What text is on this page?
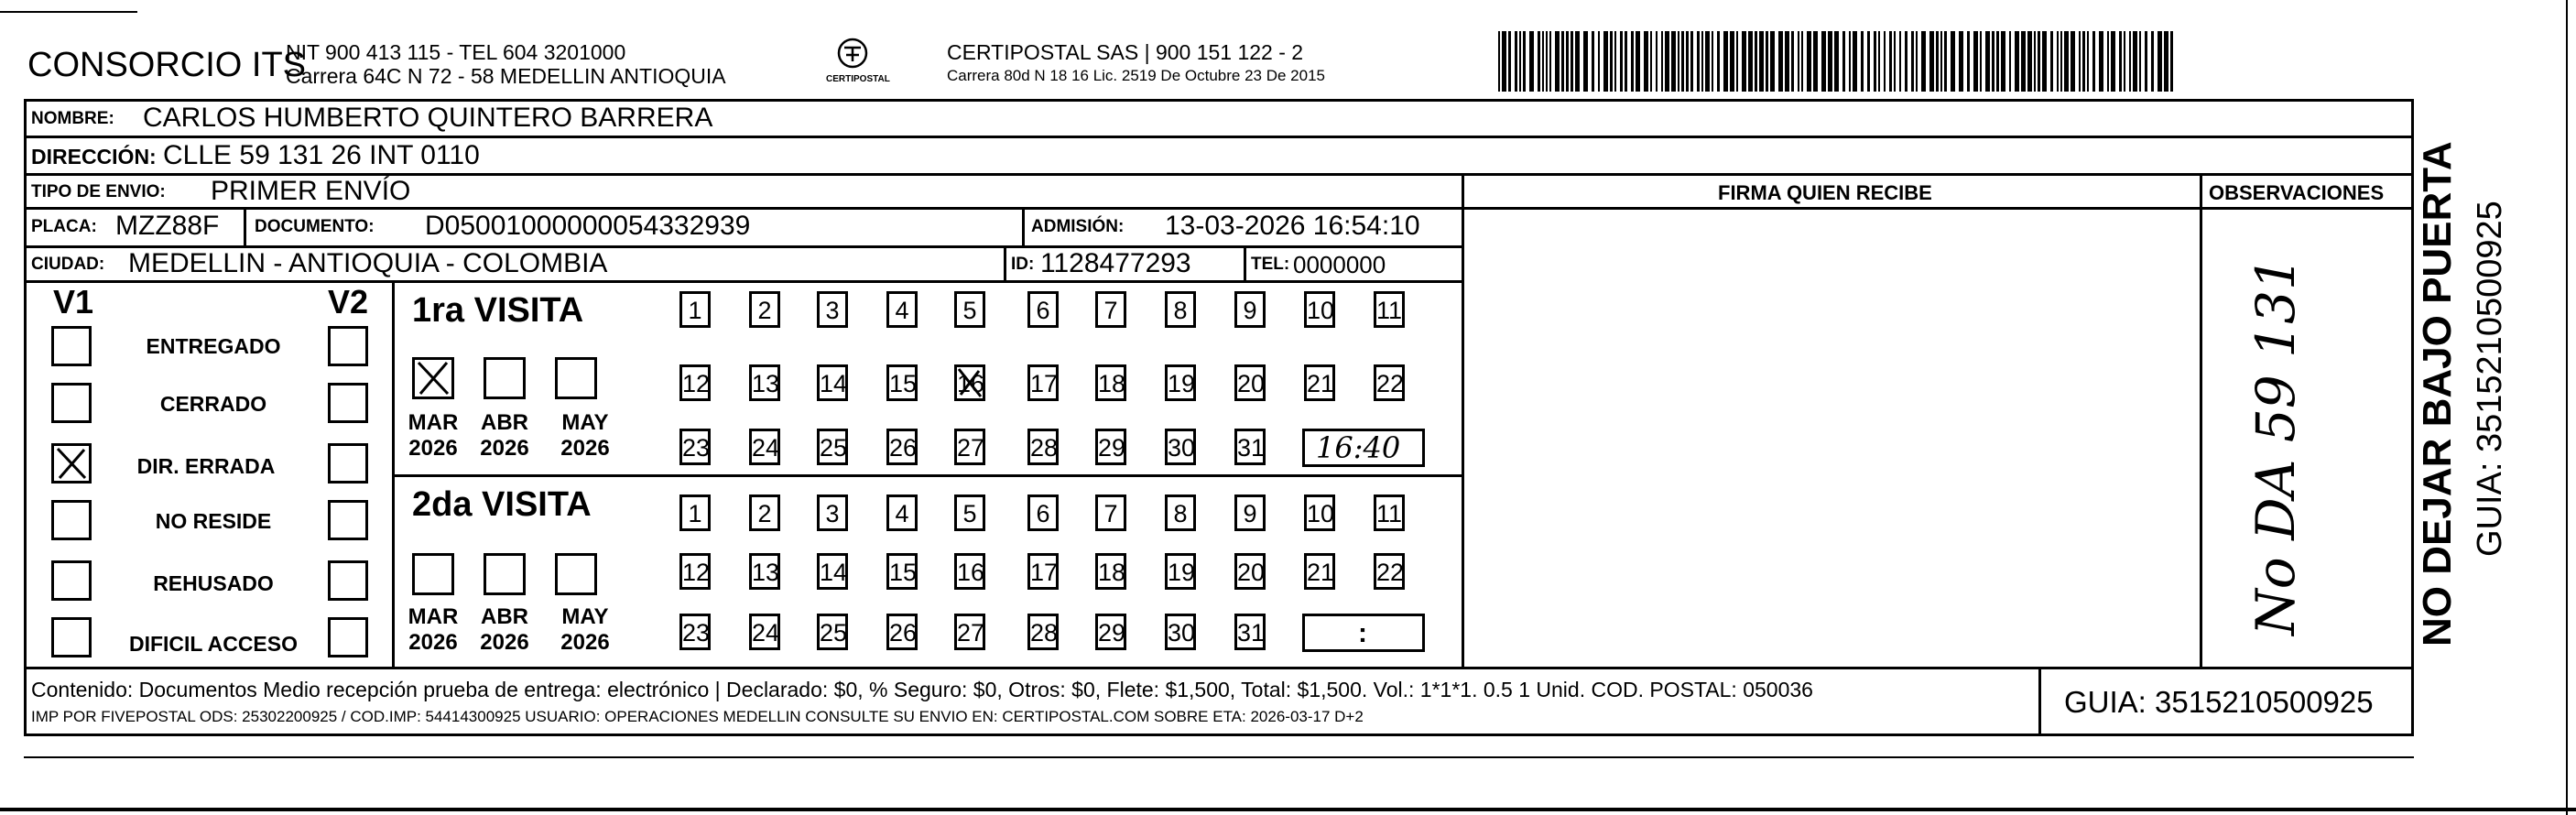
CONSORCIO ITS
NIT 900 413 115 - TEL 604 3201000
Carrera 64C N 72 - 58 MEDELLIN ANTIOQUIA	CERTIPOSTAL
CERTIPOSTAL SAS | 900 151 122 - 2
Carrera 80d N 18 16 Lic. 2519 De Octubre 23 De 2015
NOMBRE: CARLOS HUMBERTO QUINTERO BARRERA
DIRECCIÓN: CLLE 59 131 26 INT 0110
TIPO DE ENVIO: PRIMER ENVÍO	FIRMA QUIEN RECIBE	OBSERVACIONES
PLACA: MZZ88F DOCUMENTO: D05001000000054332939	ADMISIÓN: 13-03-2026 16:54:10
CIUDAD: MEDELLIN - ANTIOQUIA - COLOMBIA	ID: 1128477293	TEL: 0000000
V1	V2
ENTREGADO
CERRADO
DIR. ERRADA
NO RESIDE
REHUSADO
DIFICIL ACCESO
1ra VISITA
MAR
2026
ABR
2026
MAY
2026
1	2	3	4	5	6	7	8	9	10 11
12 13 14 15 16 17 18 19 20 21 22
23 24 25 26 27 28 29 30 31 16:40
2da VISITA
MAR
2026
ABR
2026
MAY
2026
1	2	3	4	5	6	7	8	9	10 11
12 13 14 15 16 17 18 19 20 21 22
23 24 25 26 27 28 29 30 31	:	No DA 59 131	NO DEJAR BAJO PUERTA GUIA: 3515210500925
Contenido: Documentos Medio recepción prueba de entrega: electrónico | Declarado: $0, % Seguro: $0, Otros: $0, Flete: $1,500, Total: $1,500. Vol.: 1*1*1. 0.5 1 Unid. COD. POSTAL: 050036
IMP POR FIVEPOSTAL ODS: 25302200925 / COD.IMP: 54414300925 USUARIO: OPERACIONES MEDELLIN CONSULTE SU ENVIO EN: CERTIPOSTAL.COM SOBRE ETA: 2026-03-17 D+2	GUIA: 3515210500925
